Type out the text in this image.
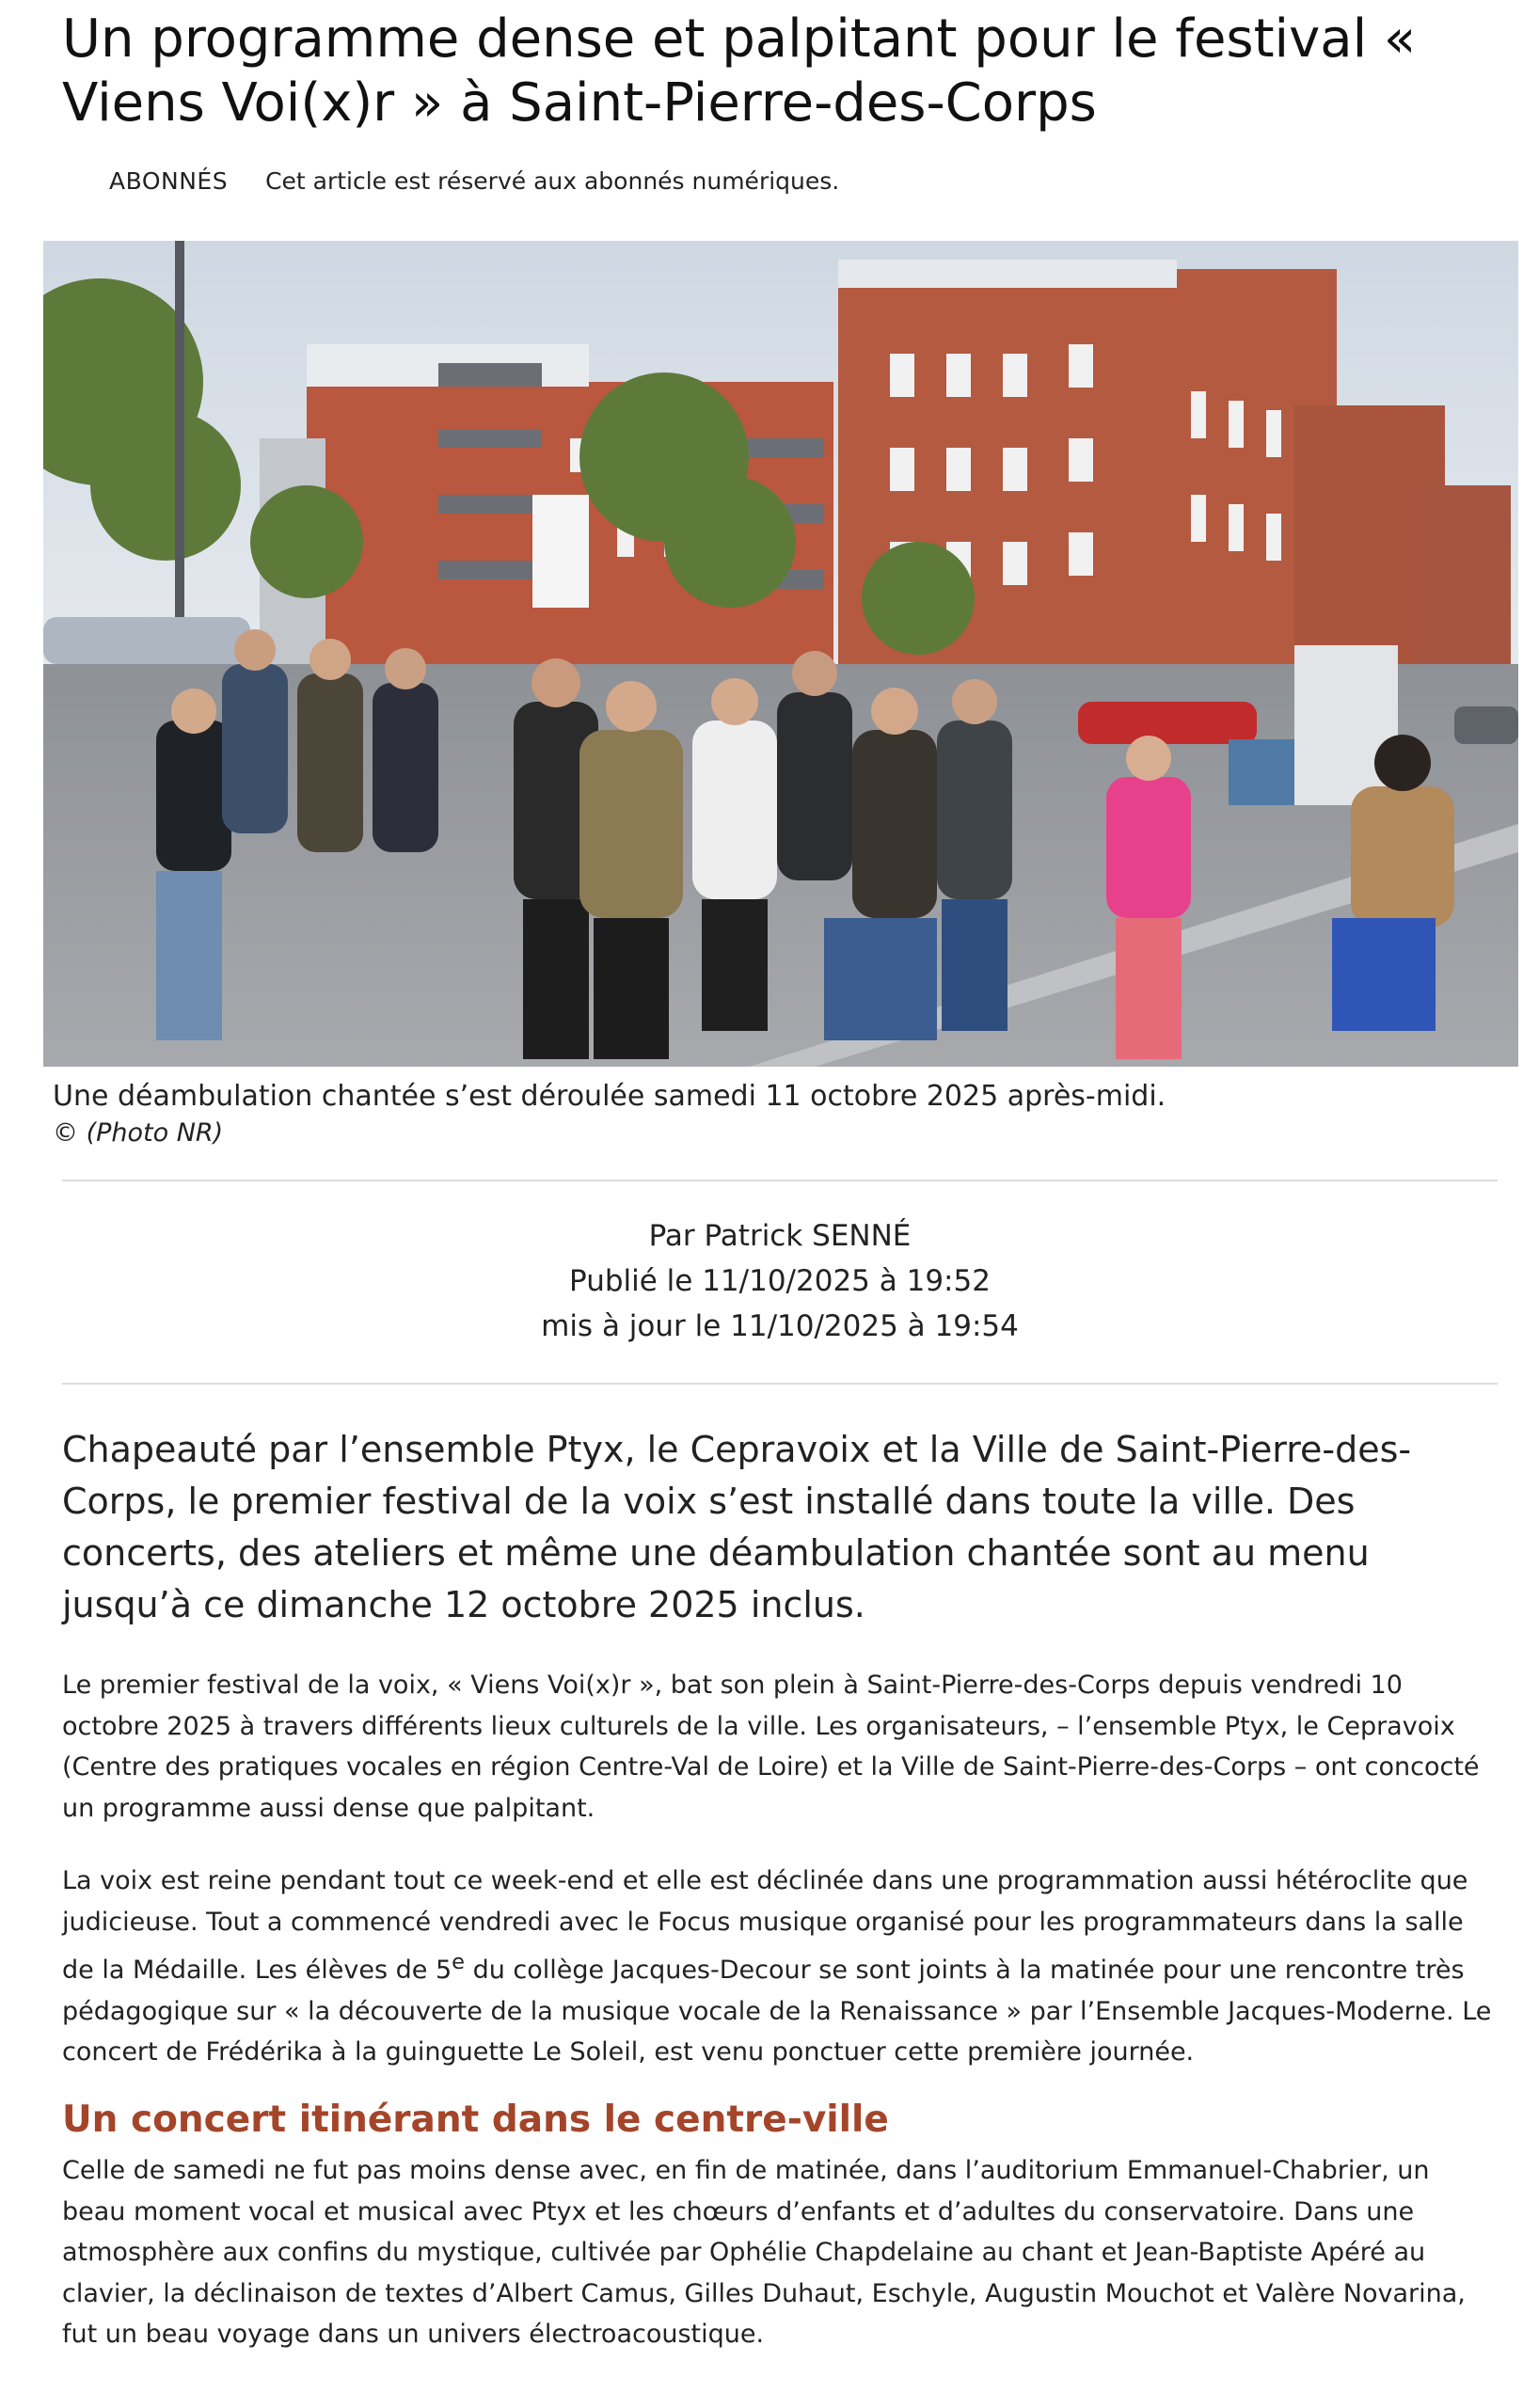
Un programme dense et palpitant pour le festival « Viens Voi(x)r » à Saint-Pierre-des-Corps
ABONNÉS Cet article est réservé aux abonnés numériques.

Une déambulation chantée s’est déroulée samedi 11 octobre 2025 après-midi.

© (Photo NR)

Par Patrick SENNÉ
Publié le 11/10/2025 à 19:52
mis à jour le 11/10/2025 à 19:54

Chapeauté par l’ensemble Ptyx, le Cepravoix et la Ville de Saint-Pierre-des-Corps, le premier festival de la voix s’est installé dans toute la ville. Des concerts, des ateliers et même une déambulation chantée sont au menu jusqu’à ce dimanche 12 octobre 2025 inclus.

Le premier festival de la voix, « Viens Voi(x)r », bat son plein à Saint-Pierre-des-Corps depuis vendredi 10 octobre 2025 à travers différents lieux culturels de la ville. Les organisateurs, – l’ensemble Ptyx, le Cepravoix (Centre des pratiques vocales en région Centre-Val de Loire) et la Ville de Saint-Pierre-des-Corps – ont concocté un programme aussi dense que palpitant.

La voix est reine pendant tout ce week-end et elle est déclinée dans une programmation aussi hétéroclite que judicieuse. Tout a commencé vendredi avec le Focus musique organisé pour les programmateurs dans la salle de la Médaille. Les élèves de 5e du collège Jacques-Decour se sont joints à la matinée pour une rencontre très pédagogique sur « la découverte de la musique vocale de la Renaissance » par l’Ensemble Jacques-Moderne. Le concert de Frédérika à la guinguette Le Soleil, est venu ponctuer cette première journée.

Un concert itinérant dans le centre-ville

Celle de samedi ne fut pas moins dense avec, en fin de matinée, dans l’auditorium Emmanuel-Chabrier, un beau moment vocal et musical avec Ptyx et les chœurs d’enfants et d’adultes du conservatoire. Dans une atmosphère aux confins du mystique, cultivée par Ophélie Chapdelaine au chant et Jean-Baptiste Apéré au clavier, la déclinaison de textes d’Albert Camus, Gilles Duhaut, Eschyle, Augustin Mouchot et Valère Novarina, fut un beau voyage dans un univers électroacoustique.
